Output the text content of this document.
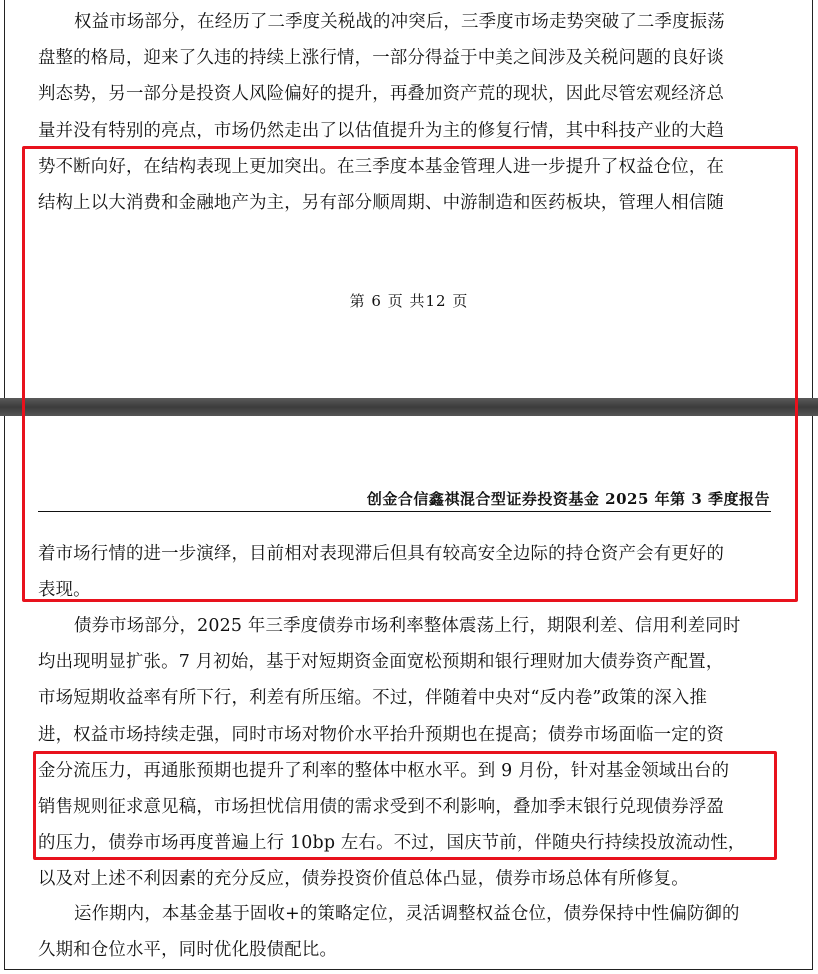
权益市场部分，在经历了二季度关税战的冲突后，三季度市场走势突破了二季度振荡
盘整的格局，迎来了久违的持续上涨行情，一部分得益于中美之间涉及关税问题的良好谈
判态势，另一部分是投资人风险偏好的提升，再叠加资产荒的现状，因此尽管宏观经济总
量并没有特别的亮点，市场仍然走出了以估值提升为主的修复行情，其中科技产业的大趋
势不断向好，在结构表现上更加突出。在三季度本基金管理人进一步提升了权益仓位，在
结构上以大消费和金融地产为主，另有部分顺周期、中游制造和医药板块，管理人相信随
第 6 页 共12 页
创金合信鑫祺混合型证券投资基金 2025 年第 3 季度报告
着市场行情的进一步演绎，目前相对表现滞后但具有较高安全边际的持仓资产会有更好的
表现。
债券市场部分，2025 年三季度债券市场利率整体震荡上行，期限利差、信用利差同时
均出现明显扩张。7 月初始，基于对短期资金面宽松预期和银行理财加大债券资产配置，
市场短期收益率有所下行，利差有所压缩。不过，伴随着中央对“反内卷”政策的深入推
进，权益市场持续走强，同时市场对物价水平抬升预期也在提高；债券市场面临一定的资
金分流压力，再通胀预期也提升了利率的整体中枢水平。到 9 月份，针对基金领域出台的
销售规则征求意见稿，市场担忧信用债的需求受到不利影响，叠加季末银行兑现债券浮盈
的压力，债券市场再度普遍上行 10bp 左右。不过，国庆节前，伴随央行持续投放流动性，
以及对上述不利因素的充分反应，债券投资价值总体凸显，债券市场总体有所修复。
运作期内，本基金基于固收+的策略定位，灵活调整权益仓位，债券保持中性偏防御的
久期和仓位水平，同时优化股债配比。
